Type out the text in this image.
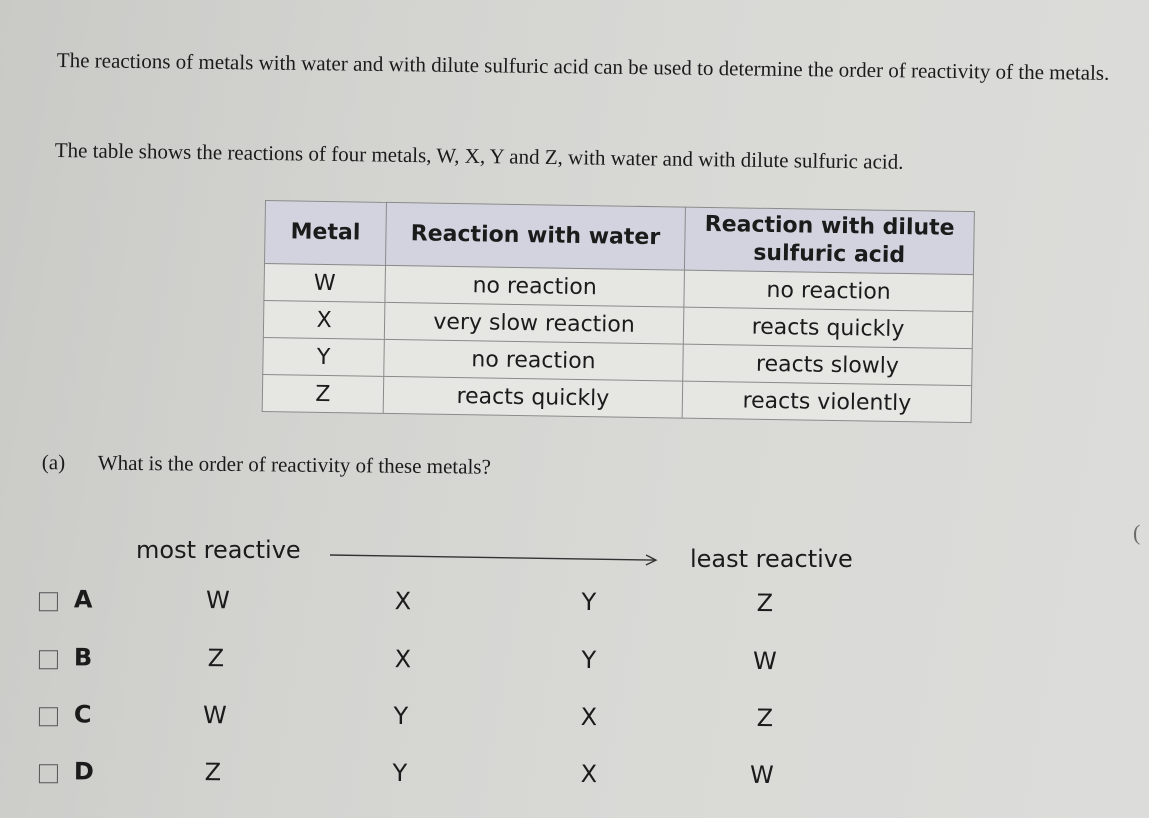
The reactions of metals with water and with dilute sulfuric acid can be used to determine the order of reactivity of the metals.

The table shows the reactions of four metals, W, X, Y and Z, with water and with dilute sulfuric acid.

Metal	Reaction with water	Reaction with dilute sulfuric acid
W	no reaction	no reaction
X	very slow reaction	reacts quickly
Y	no reaction	reacts slowly
Z	reacts quickly	reacts violently
(a) What is the order of reactivity of these metals?
most reactive	least reactive
A	W	X	Y	Z
B	Z	X	Y	W
C	W	Y	X	Z
D	Z	Y	X	W
(
